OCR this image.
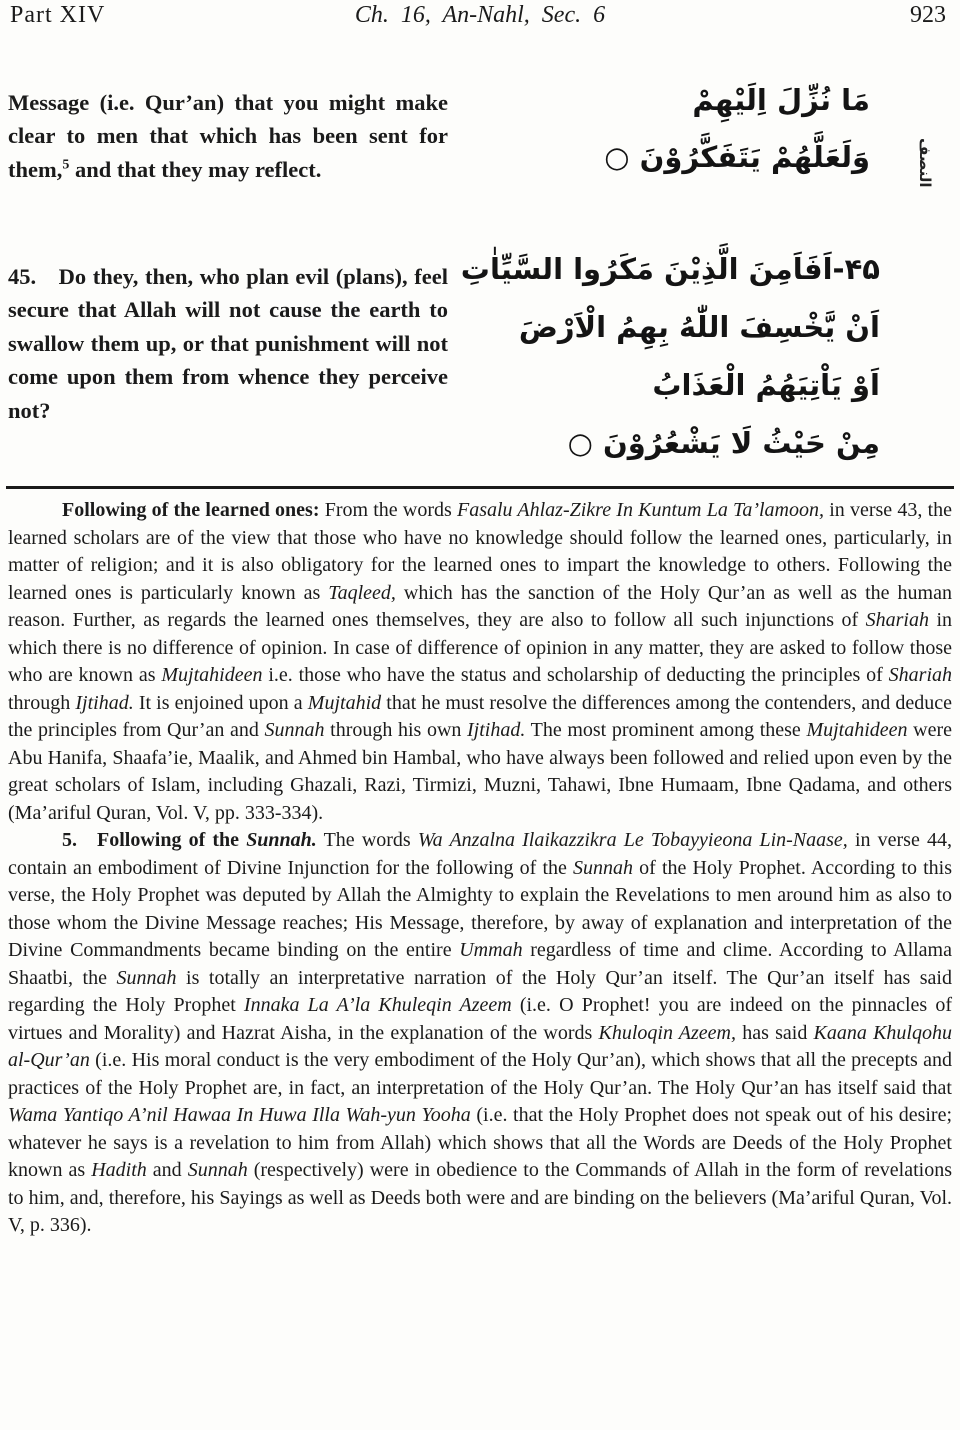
Part XIV	Ch. 16, An-Nahl, Sec. 6	923

Message (i.e. Qur’an) that you might make clear to men that which has been sent for them,$^5$ and that they may reflect.

45.   Do they, then, who plan evil (plans), feel secure that Allah will not cause the earth to swallow them up, or that punishment will not come upon them from whence they perceive not?

مَا نُزِّلَ اِلَيْهِمْ
وَلَعَلَّهُمْ يَتَفَكَّرُوْنَ ○	النصف
۴۵-اَفَاَمِنَ الَّذِيْنَ مَكَرُوا السَّيِّاٰتِ
اَنْ يَّخْسِفَ اللّٰهُ بِهِمُ الْاَرْضَ
اَوْ يَاْتِيَهُمُ الْعَذَابُ
مِنْ حَيْثُ لَا يَشْعُرُوْنَ ○

Following of the learned ones: From the words Fasalu Ahlaz-Zikre In Kuntum La Ta’lamoon, in verse 43, the learned scholars are of the view that those who have no knowledge should follow the learned ones, particularly, in matter of religion; and it is also obligatory for the learned ones to impart the knowledge to others. Following the learned ones is particularly known as Taqleed, which has the sanction of the Holy Qur’an as well as the human reason. Further, as regards the learned ones themselves, they are also to follow all such injunctions of Shariah in which there is no difference of opinion. In case of difference of opinion in any matter, they are asked to follow those who are known as Mujtahideen i.e. those who have the status and scholarship of deducting the principles of Shariah through Ijtihad. It is enjoined upon a Mujtahid that he must resolve the differences among the contenders, and deduce the principles from Qur’an and Sunnah through his own Ijtihad. The most prominent among these Mujtahideen were Abu Hanifa, Shaafa’ie, Maalik, and Ahmed bin Hambal, who have always been followed and relied upon even by the great scholars of Islam, including Ghazali, Razi, Tirmizi, Muzni, Tahawi, Ibne Humaam, Ibne Qadama, and others (Ma’ariful Quran, Vol. V, pp. 333-334).

5.   Following of the Sunnah. The words Wa Anzalna Ilaikazzikra Le Tobayyieona Lin-Naase, in verse 44, contain an embodiment of Divine Injunction for the following of the Sunnah of the Holy Prophet. According to this verse, the Holy Prophet was deputed by Allah the Almighty to explain the Revelations to men around him as also to those whom the Divine Message reaches; His Message, therefore, by away of explanation and interpretation of the Divine Commandments became binding on the entire Ummah regardless of time and clime. According to Allama Shaatbi, the Sunnah is totally an interpretative narration of the Holy Qur’an itself. The Qur’an itself has said regarding the Holy Prophet Innaka La A’la Khuleqin Azeem (i.e. O Prophet! you are indeed on the pinnacles of virtues and Morality) and Hazrat Aisha, in the explanation of the words Khuloqin Azeem, has said Kaana Khulqohu al-Qur’an (i.e. His moral conduct is the very embodiment of the Holy Qur’an), which shows that all the precepts and practices of the Holy Prophet are, in fact, an interpretation of the Holy Qur’an. The Holy Qur’an has itself said that Wama Yantiqo A’nil Hawaa In Huwa Illa Wah-yun Yooha (i.e. that the Holy Prophet does not speak out of his desire; whatever he says is a revelation to him from Allah) which shows that all the Words are Deeds of the Holy Prophet known as Hadith and Sunnah (respectively) were in obedience to the Commands of Allah in the form of revelations to him, and, therefore, his Sayings as well as Deeds both were and are binding on the believers (Ma’ariful Quran, Vol. V, p. 336).
